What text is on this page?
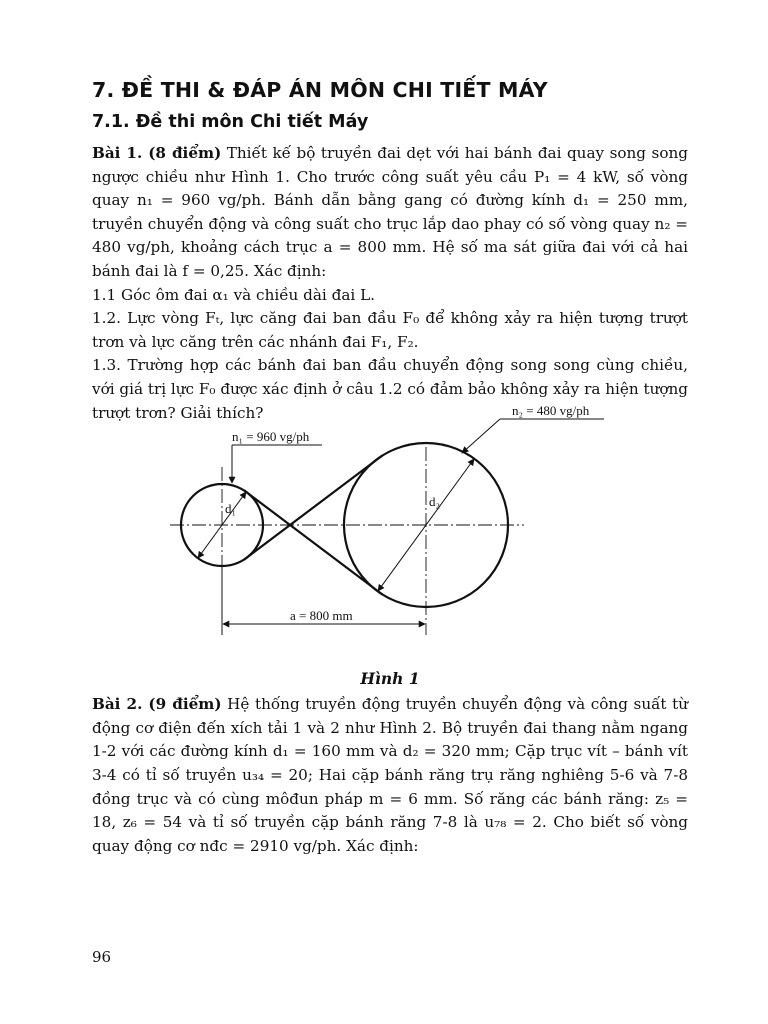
7. ĐỀ THI & ĐÁP ÁN MÔN CHI TIẾT MÁY
7.1. Đề thi môn Chi tiết Máy

Bài 1. (8 điểm) Thiết kế bộ truyền đai dẹt với hai bánh đai quay song song ngược chiều như Hình 1. Cho trước công suất yêu cầu P₁ = 4 kW, số vòng quay n₁ = 960 vg/ph. Bánh dẫn bằng gang có đường kính d₁ = 250 mm, truyền chuyển động và công suất cho trục lắp dao phay có số vòng quay n₂ = 480 vg/ph, khoảng cách trục a = 800 mm. Hệ số ma sát giữa đai với cả hai bánh đai là f = 0,25. Xác định:

1.1 Góc ôm đai α₁ và chiều dài đai L.

1.2. Lực vòng Fₜ, lực căng đai ban đầu F₀ để không xảy ra hiện tượng trượt trơn và lực căng trên các nhánh đai F₁, F₂.

1.3. Trường hợp các bánh đai ban đầu chuyển động song song cùng chiều, với giá trị lực F₀ được xác định ở câu 1.2 có đảm bảo không xảy ra hiện tượng trượt trơn? Giải thích?

n₁ = 960 vg/ph
n₂ = 480 vg/ph
d₁	d₂
a = 800 mm
Hình 1

Bài 2. (9 điểm) Hệ thống truyền động truyền chuyển động và công suất từ động cơ điện đến xích tải 1 và 2 như Hình 2. Bộ truyền đai thang nằm ngang 1-2 với các đường kính d₁ = 160 mm và d₂ = 320 mm; Cặp trục vít – bánh vít 3-4 có tỉ số truyền u₃₄ = 20; Hai cặp bánh răng trụ răng nghiêng 5-6 và 7-8 đồng trục và có cùng môđun pháp m = 6 mm. Số răng các bánh răng: z₅ = 18, z₆ = 54 và tỉ số truyền cặp bánh răng 7-8 là u₇₈ = 2. Cho biết số vòng quay động cơ nđc = 2910 vg/ph. Xác định:

96
